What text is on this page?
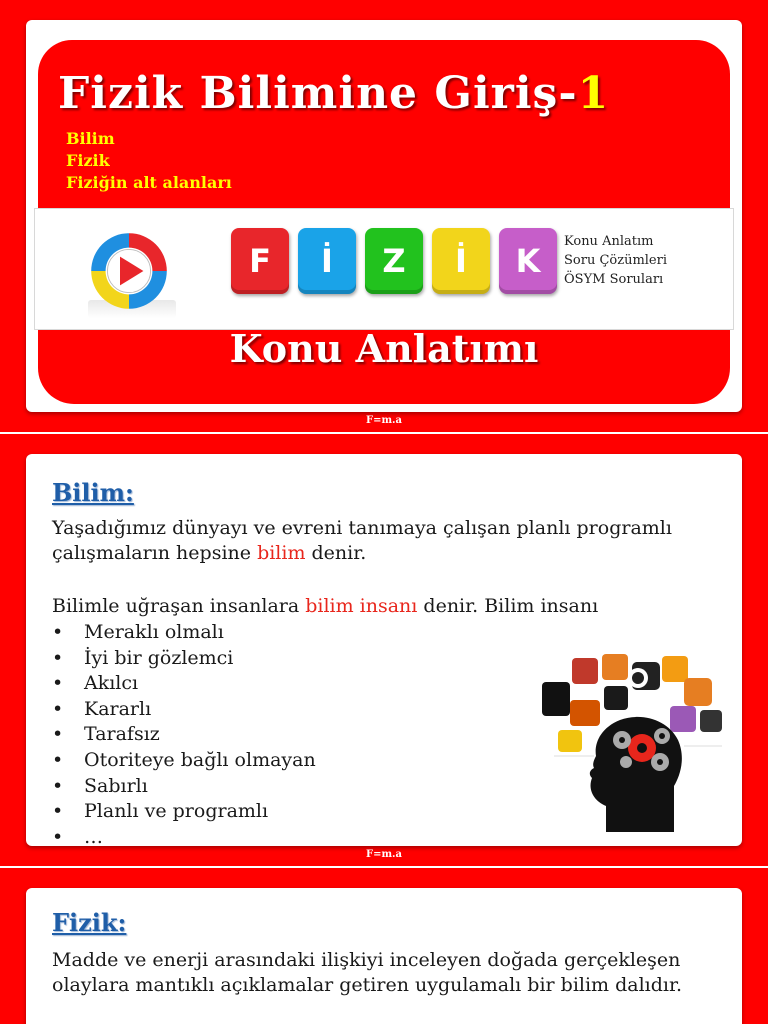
Fizik Bilimine Giriş-1
Bilim
Fizik
Fiziğin alt alanları
F	İ	Z	İ	K
Konu Anlatım
Soru Çözümleri
ÖSYM Soruları
Konu Anlatımı
F=m.a
Bilim:
Yaşadığımız dünyayı ve evreni tanımaya çalışan planlı programlı çalışmaların hepsine bilim denir.
Bilimle uğraşan insanlara bilim insanı denir. Bilim insanı
• Meraklı olmalı
• İyi bir gözlemci
• Akılcı
• Kararlı
• Tarafsız
• Otoriteye bağlı olmayan
• Sabırlı
• Planlı ve programlı
• …
F=m.a
Fizik:
Madde ve enerji arasındaki ilişkiyi inceleyen doğada gerçekleşen olaylara mantıklı açıklamalar getiren uygulamalı bir bilim dalıdır.
